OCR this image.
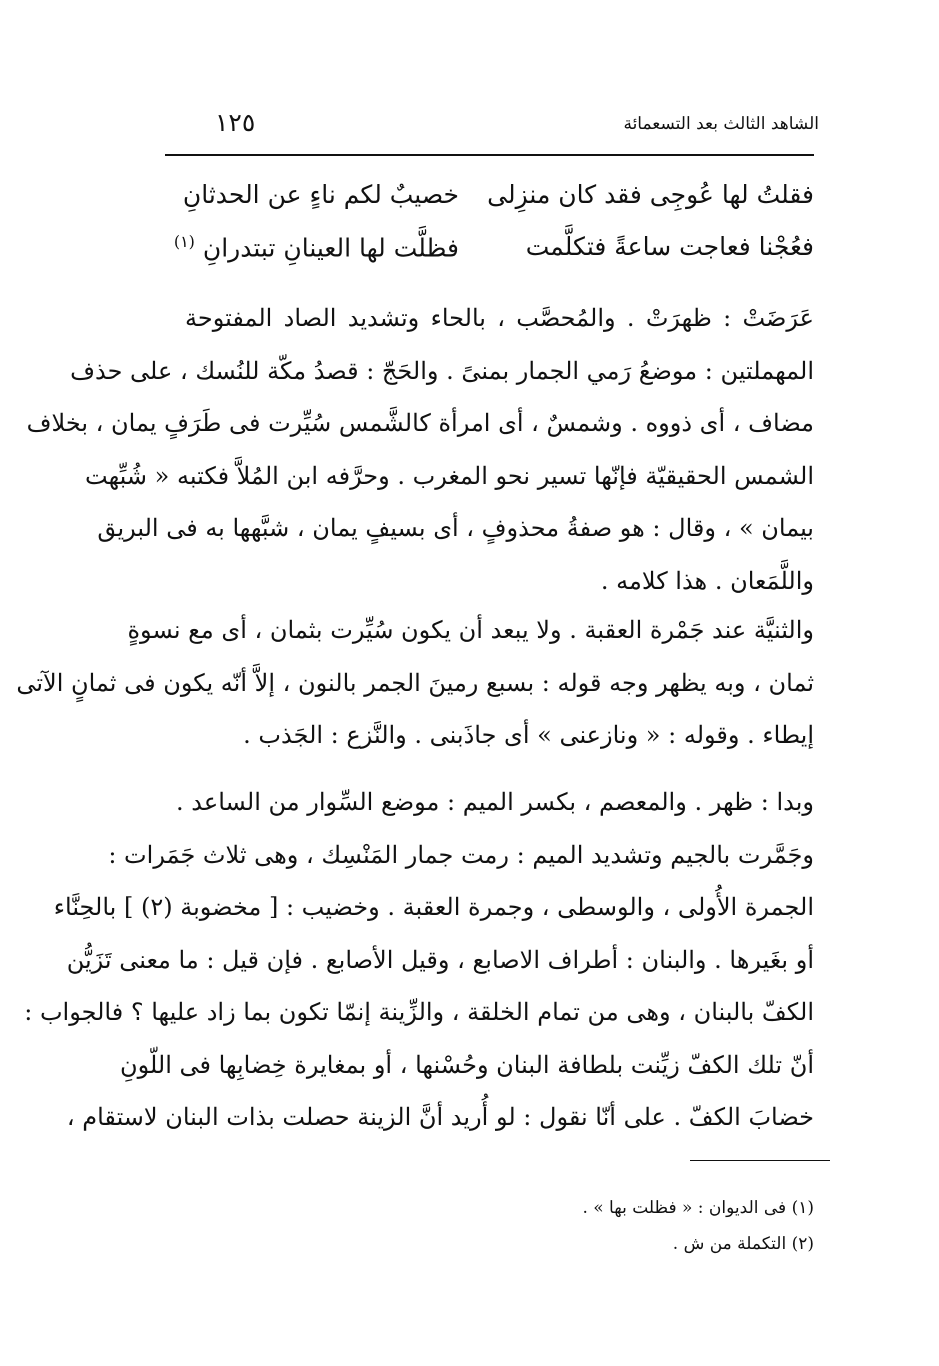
الشاهد الثالث بعد التسعمائة
١٢٥
فقلتُ لها عُوجِى فقد كان منزِلى
خصيبٌ لكم ناءٍ عن الحدثانِ
فعُجْنا فعاجت ساعةً فتكلَّمت
فظلَّت لها العينانِ تبتدرانِ $^{(١)}$
عَرَضَتْ : ظهرَتْ . والمُحصَّب ، بالحاء وتشديد الصاد المفتوحة
المهملتين : موضعُ رَمي الجمار بمنىً . والحَجّ : قصدُ مكّة للنُسك ، على حذف
مضاف ، أى ذووه . وشمسٌ ، أى امرأة كالشَّمس سُيِّرت فى طَرَفٍ يمان ، بخلاف
الشمس الحقيقيّة فإنّها تسير نحو المغرب . وحرَّفه ابن المُلاَّ فكتبه « شُبِّهت
بيمان » ، وقال : هو صفةُ محذوفٍ ، أى بسيفٍ يمان ، شبَّهها به فى البريق
واللَّمَعان . هذا كلامه .
والثنيَّة عند جَمْرة العقبة . ولا يبعد أن يكون سُيِّرت بثمان ، أى مع نسوةٍ
ثمان ، وبه يظهر وجه قوله : بسبع رمينَ الجمر بالنون ، إلاَّ أنّه يكون فى ثمانٍ الآتى
إيطاء . وقوله : « ونازعنى » أى جاذَبنى . والنَّزع : الجَذب .
وبدا : ظهر . والمعصم ، بكسر الميم : موضع السِّوار من الساعد .
وجَمَّرت بالجيم وتشديد الميم : رمت جمار المَنْسِك ، وهى ثلاث جَمَرات :
الجمرة الأُولى ، والوسطى ، وجمرة العقبة . وخضيب : [ مخضوبة (٢) ] بالحِنَّاء
أو بغَيرها . والبنان : أطراف الاصابع ، وقيل الأصابع . فإن قيل : ما معنى تَزَيُّن
الكفّ بالبنان ، وهى من تمام الخلقة ، والزِّينة إنمّا تكون بما زاد عليها ؟ فالجواب :
أنّ تلك الكفّ زيِّنت بلطافة البنان وحُسْنها ، أو بمغايرة خِضابِها فى اللّونِ
خضابَ الكفّ . على أنّا نقول : لو أُريد أنَّ الزينة حصلت بذات البنان لاستقام ،
(١) فى الديوان : « فظلت بها » .
(٢) التكملة من ش .
